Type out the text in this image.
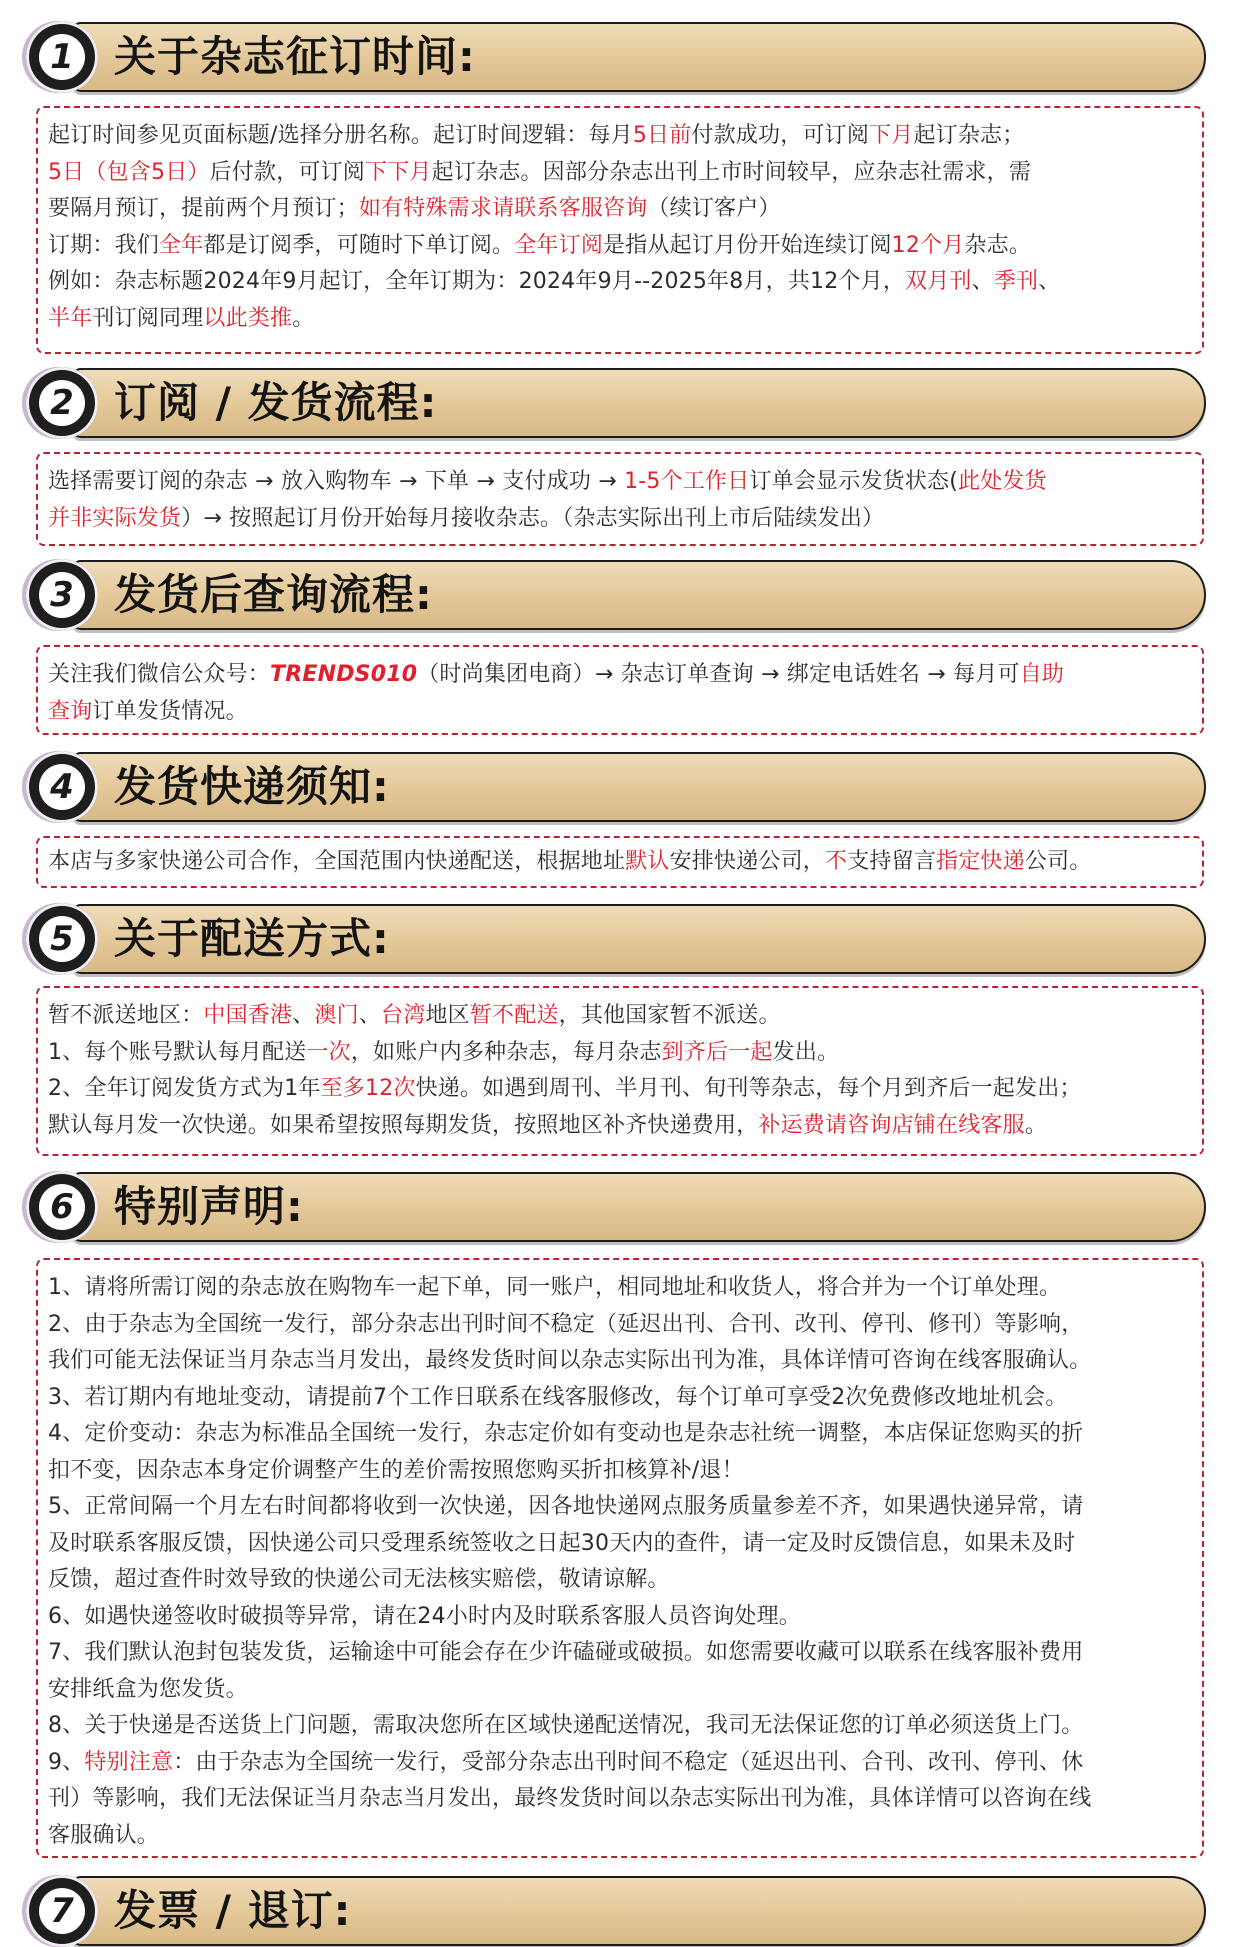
1 关于杂志征订时间:
起订时间参见页面标题/选择分册名称。起订时间逻辑：每月5日前付款成功，可订阅下月起订杂志；
5日（包含5日）后付款，可订阅下下月起订杂志。因部分杂志出刊上市时间较早，应杂志社需求，需
要隔月预订，提前两个月预订；如有特殊需求请联系客服咨询（续订客户）
订期：我们全年都是订阅季，可随时下单订阅。全年订阅是指从起订月份开始连续订阅12个月杂志。
例如：杂志标题2024年9月起订，全年订期为：2024年9月--2025年8月，共12个月，双月刊、季刊、
半年刊订阅同理以此类推。
2 订阅 / 发货流程:
选择需要订阅的杂志 → 放入购物车 → 下单 → 支付成功 → 1-5个工作日订单会显示发货状态(此处发货
并非实际发货）→ 按照起订月份开始每月接收杂志。（杂志实际出刊上市后陆续发出）
3 发货后查询流程:
关注我们微信公众号：TRENDS010（时尚集团电商）→ 杂志订单查询 → 绑定电话姓名 → 每月可自助
查询订单发货情况。
4 发货快递须知:
本店与多家快递公司合作，全国范围内快递配送，根据地址默认安排快递公司，不支持留言指定快递公司。
5 关于配送方式:
暂不派送地区：中国香港、澳门、台湾地区暂不配送，其他国家暂不派送。
1、每个账号默认每月配送一次，如账户内多种杂志，每月杂志到齐后一起发出。
2、全年订阅发货方式为1年至多12次快递。如遇到周刊、半月刊、旬刊等杂志，每个月到齐后一起发出；
默认每月发一次快递。如果希望按照每期发货，按照地区补齐快递费用，补运费请咨询店铺在线客服。
6 特别声明:
1、请将所需订阅的杂志放在购物车一起下单，同一账户，相同地址和收货人，将合并为一个订单处理。
2、由于杂志为全国统一发行，部分杂志出刊时间不稳定（延迟出刊、合刊、改刊、停刊、修刊）等影响，
我们可能无法保证当月杂志当月发出，最终发货时间以杂志实际出刊为准，具体详情可咨询在线客服确认。
3、若订期内有地址变动，请提前7个工作日联系在线客服修改，每个订单可享受2次免费修改地址机会。
4、定价变动：杂志为标准品全国统一发行，杂志定价如有变动也是杂志社统一调整，本店保证您购买的折
扣不变，因杂志本身定价调整产生的差价需按照您购买折扣核算补/退！
5、正常间隔一个月左右时间都将收到一次快递，因各地快递网点服务质量参差不齐，如果遇快递异常，请
及时联系客服反馈，因快递公司只受理系统签收之日起30天内的查件，请一定及时反馈信息，如果未及时
反馈，超过查件时效导致的快递公司无法核实赔偿，敬请谅解。
6、如遇快递签收时破损等异常，请在24小时内及时联系客服人员咨询处理。
7、我们默认泡封包装发货，运输途中可能会存在少许磕碰或破损。如您需要收藏可以联系在线客服补费用
安排纸盒为您发货。
8、关于快递是否送货上门问题，需取决您所在区域快递配送情况，我司无法保证您的订单必须送货上门。
9、特别注意：由于杂志为全国统一发行，受部分杂志出刊时间不稳定（延迟出刊、合刊、改刊、停刊、休
刊）等影响，我们无法保证当月杂志当月发出，最终发货时间以杂志实际出刊为准，具体详情可以咨询在线
客服确认。
7 发票 / 退订:
